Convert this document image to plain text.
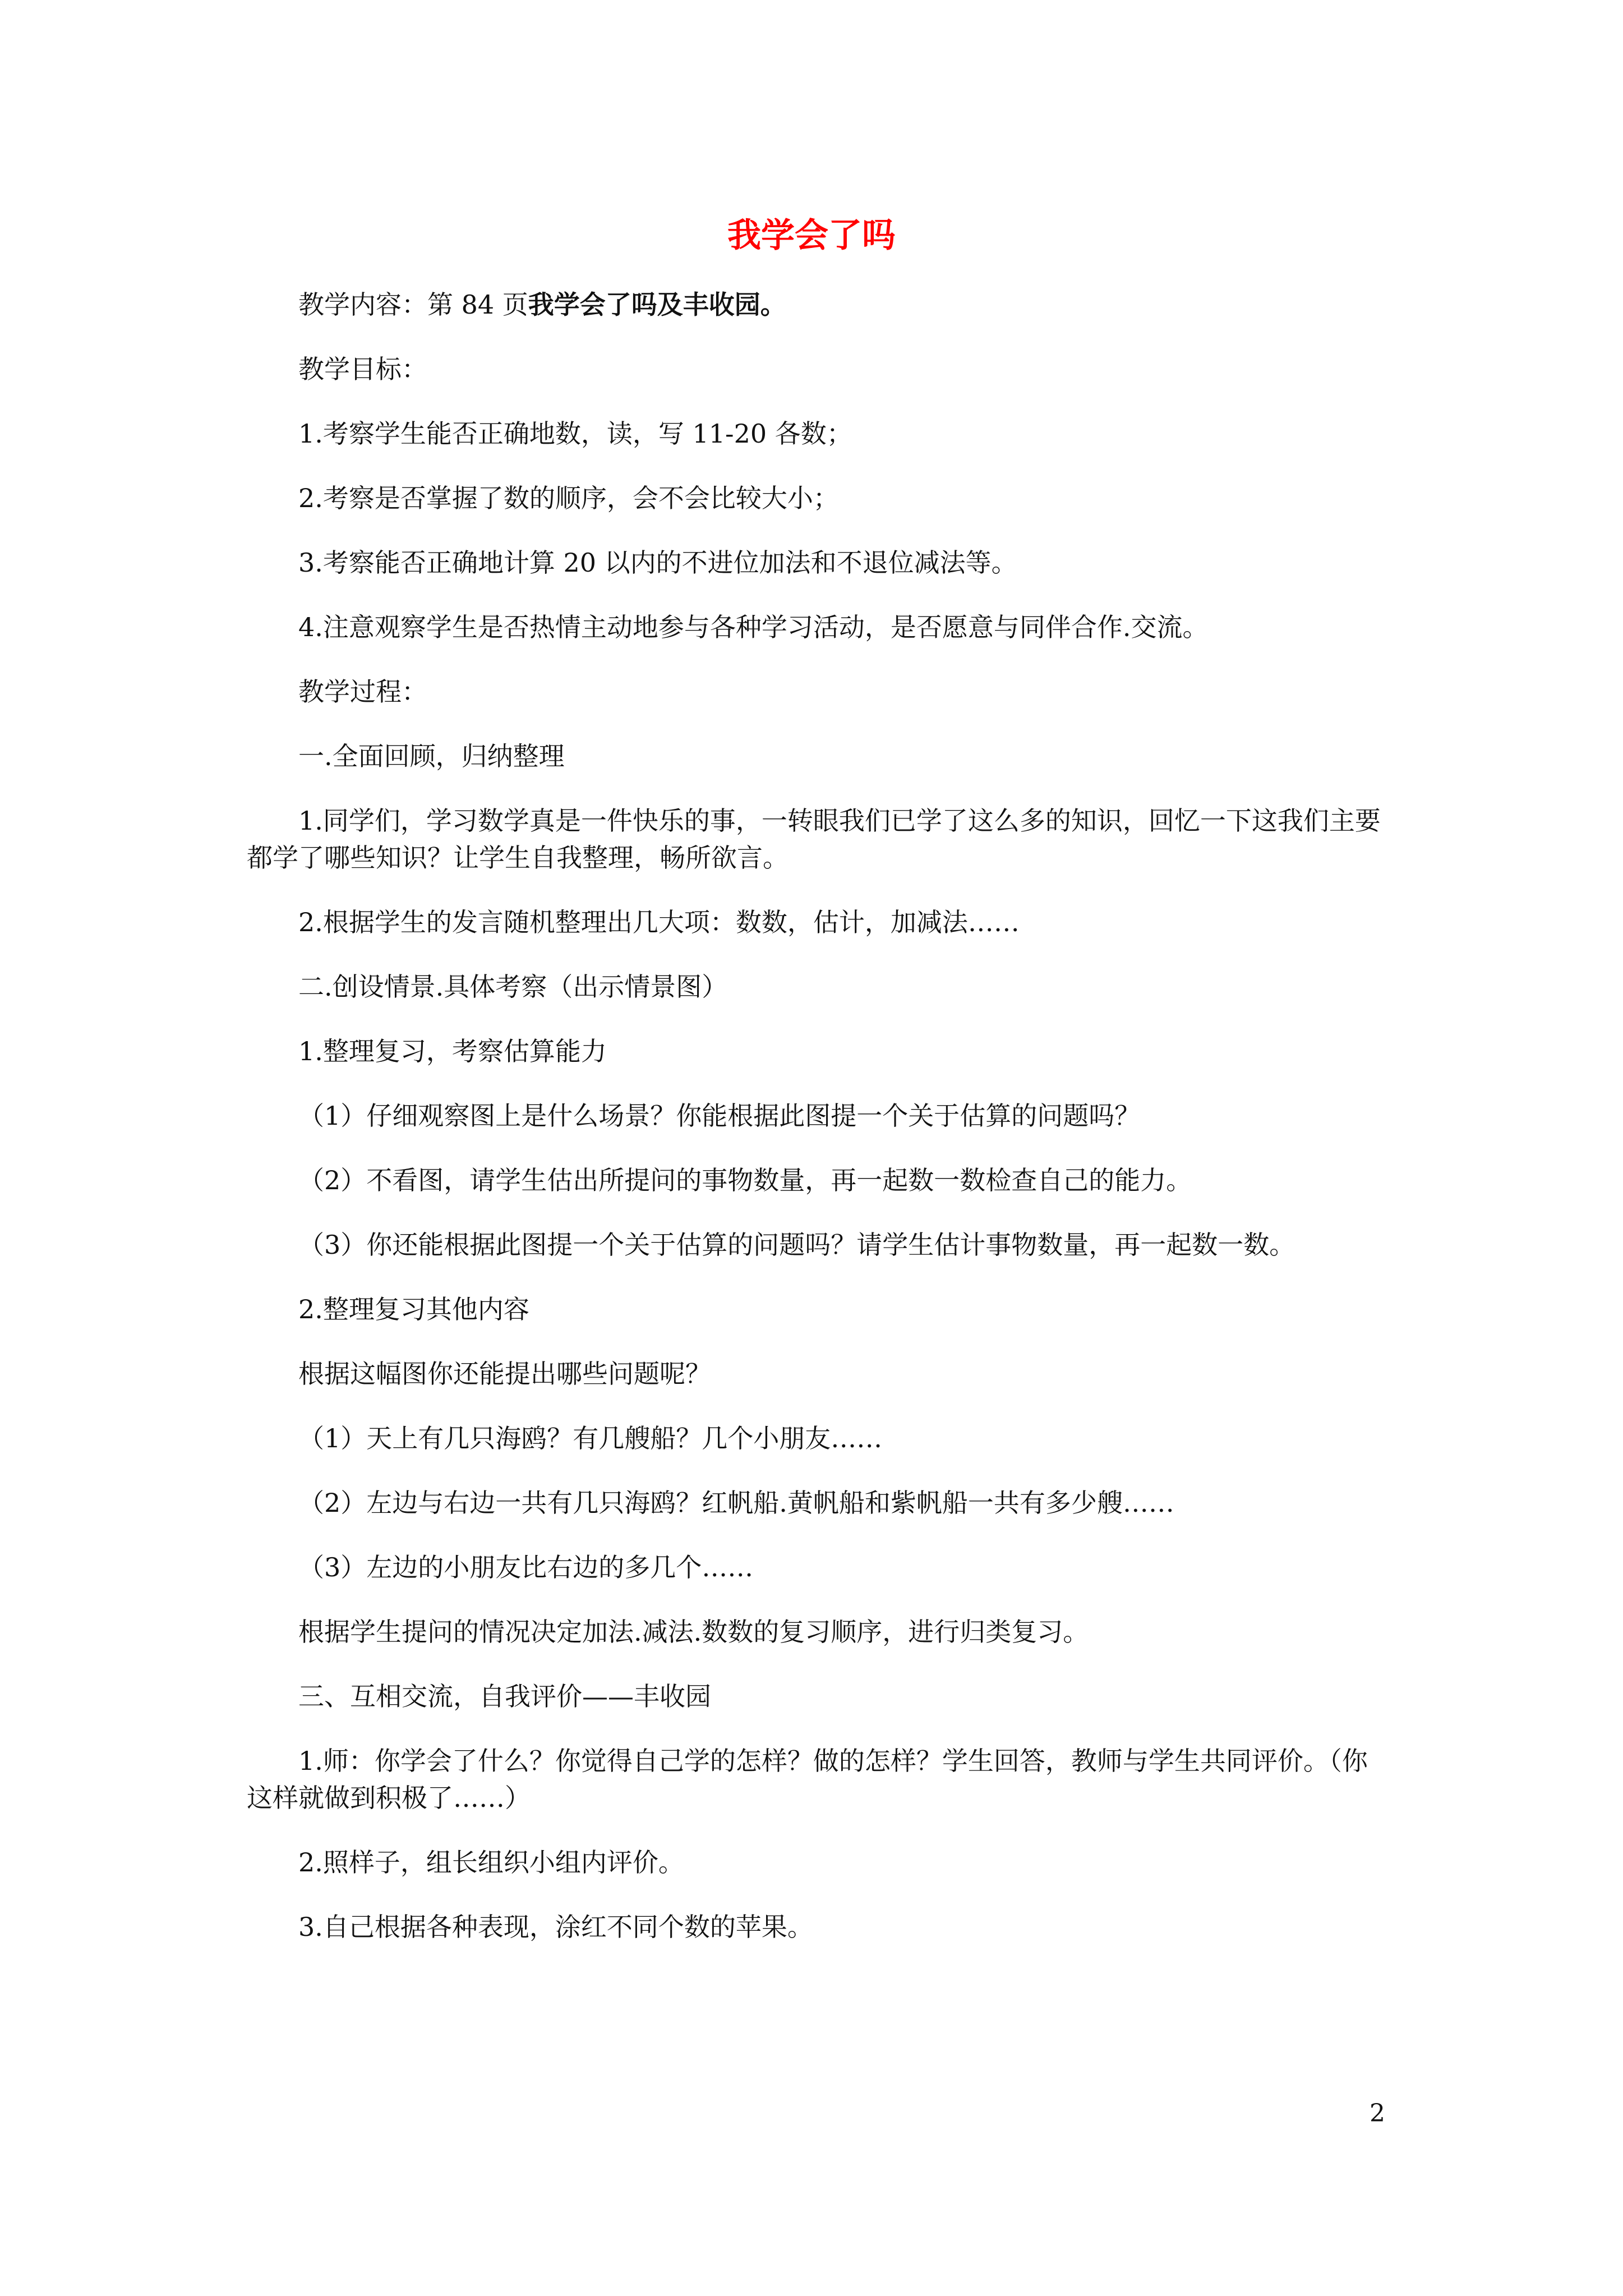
我学会了吗

教学内容：第 84 页我学会了吗及丰收园。

教学目标：

1.考察学生能否正确地数，读，写 11-20 各数；

2.考察是否掌握了数的顺序，会不会比较大小；

3.考察能否正确地计算 20 以内的不进位加法和不退位减法等。

4.注意观察学生是否热情主动地参与各种学习活动，是否愿意与同伴合作.交流。

教学过程：

一.全面回顾，归纳整理

1.同学们，学习数学真是一件快乐的事，一转眼我们已学了这么多的知识，回忆一下这我们主要都学了哪些知识？让学生自我整理，畅所欲言。

2.根据学生的发言随机整理出几大项：数数，估计，加减法……

二.创设情景.具体考察（出示情景图）

1.整理复习，考察估算能力

（1）仔细观察图上是什么场景？你能根据此图提一个关于估算的问题吗？

（2）不看图，请学生估出所提问的事物数量，再一起数一数检查自己的能力。

（3）你还能根据此图提一个关于估算的问题吗？请学生估计事物数量，再一起数一数。

2.整理复习其他内容

根据这幅图你还能提出哪些问题呢？

（1）天上有几只海鸥？有几艘船？几个小朋友……

（2）左边与右边一共有几只海鸥？红帆船.黄帆船和紫帆船一共有多少艘……

（3）左边的小朋友比右边的多几个……

根据学生提问的情况决定加法.减法.数数的复习顺序，进行归类复习。

三、互相交流，自我评价——丰收园

1.师：你学会了什么？你觉得自己学的怎样？做的怎样？学生回答，教师与学生共同评价。（你这样就做到积极了……）

2.照样子，组长组织小组内评价。

3.自己根据各种表现，涂红不同个数的苹果。

2
